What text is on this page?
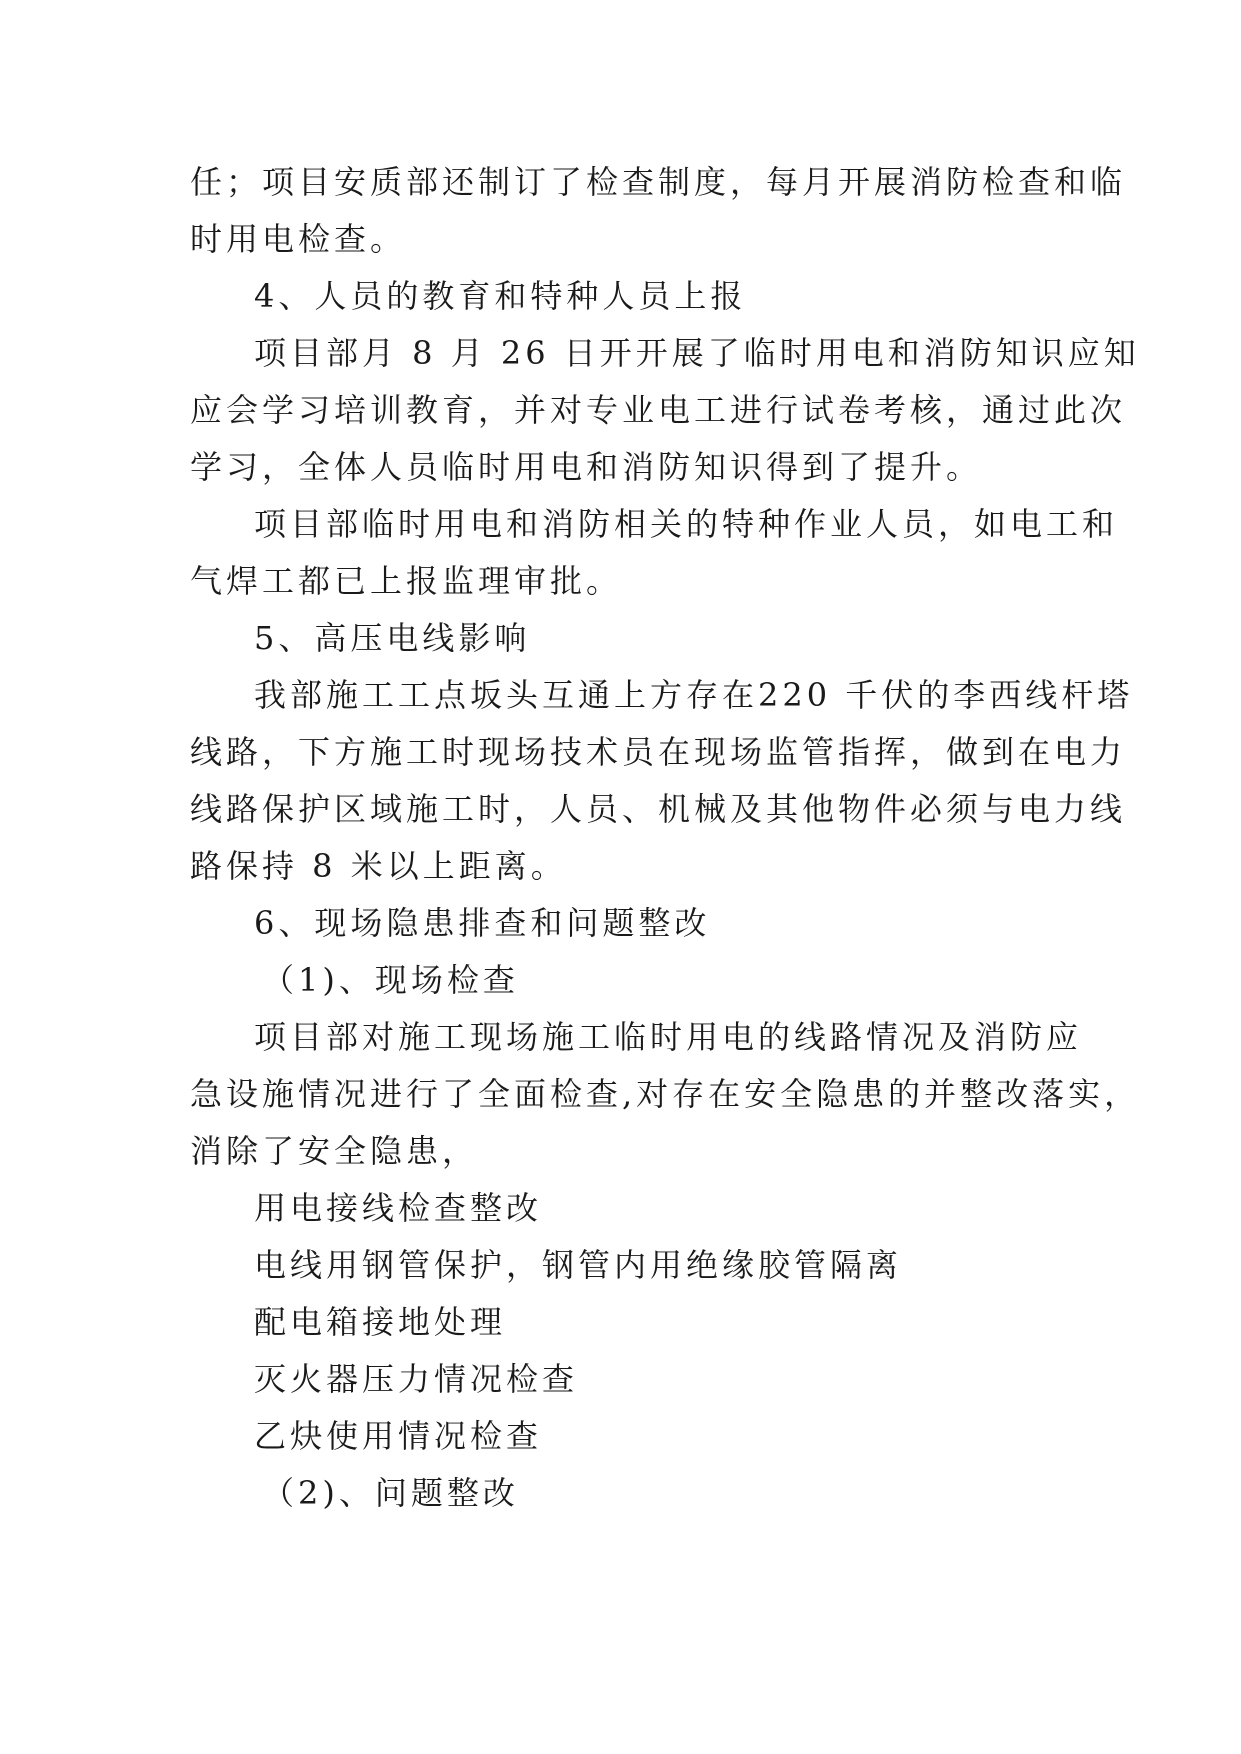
任；项目安质部还制订了检查制度，每月开展消防检查和临

时用电检查。

4、人员的教育和特种人员上报

项目部月 8 月 26 日开开展了临时用电和消防知识应知

应会学习培训教育，并对专业电工进行试卷考核，通过此次

学习，全体人员临时用电和消防知识得到了提升。

项目部临时用电和消防相关的特种作业人员，如电工和

气焊工都已上报监理审批。

5、高压电线影响

我部施工工点坂头互通上方存在220 千伏的李西线杆塔

线路，下方施工时现场技术员在现场监管指挥，做到在电力

线路保护区域施工时，人员、机械及其他物件必须与电力线

路保持 8 米以上距离。

6、现场隐患排查和问题整改

（1)、现场检查

项目部对施工现场施工临时用电的线路情况及消防应

急设施情况进行了全面检查,对存在安全隐患的并整改落实，

消除了安全隐患，

用电接线检查整改

电线用钢管保护，钢管内用绝缘胶管隔离

配电箱接地处理

灭火器压力情况检查

乙炔使用情况检查

（2)、问题整改
